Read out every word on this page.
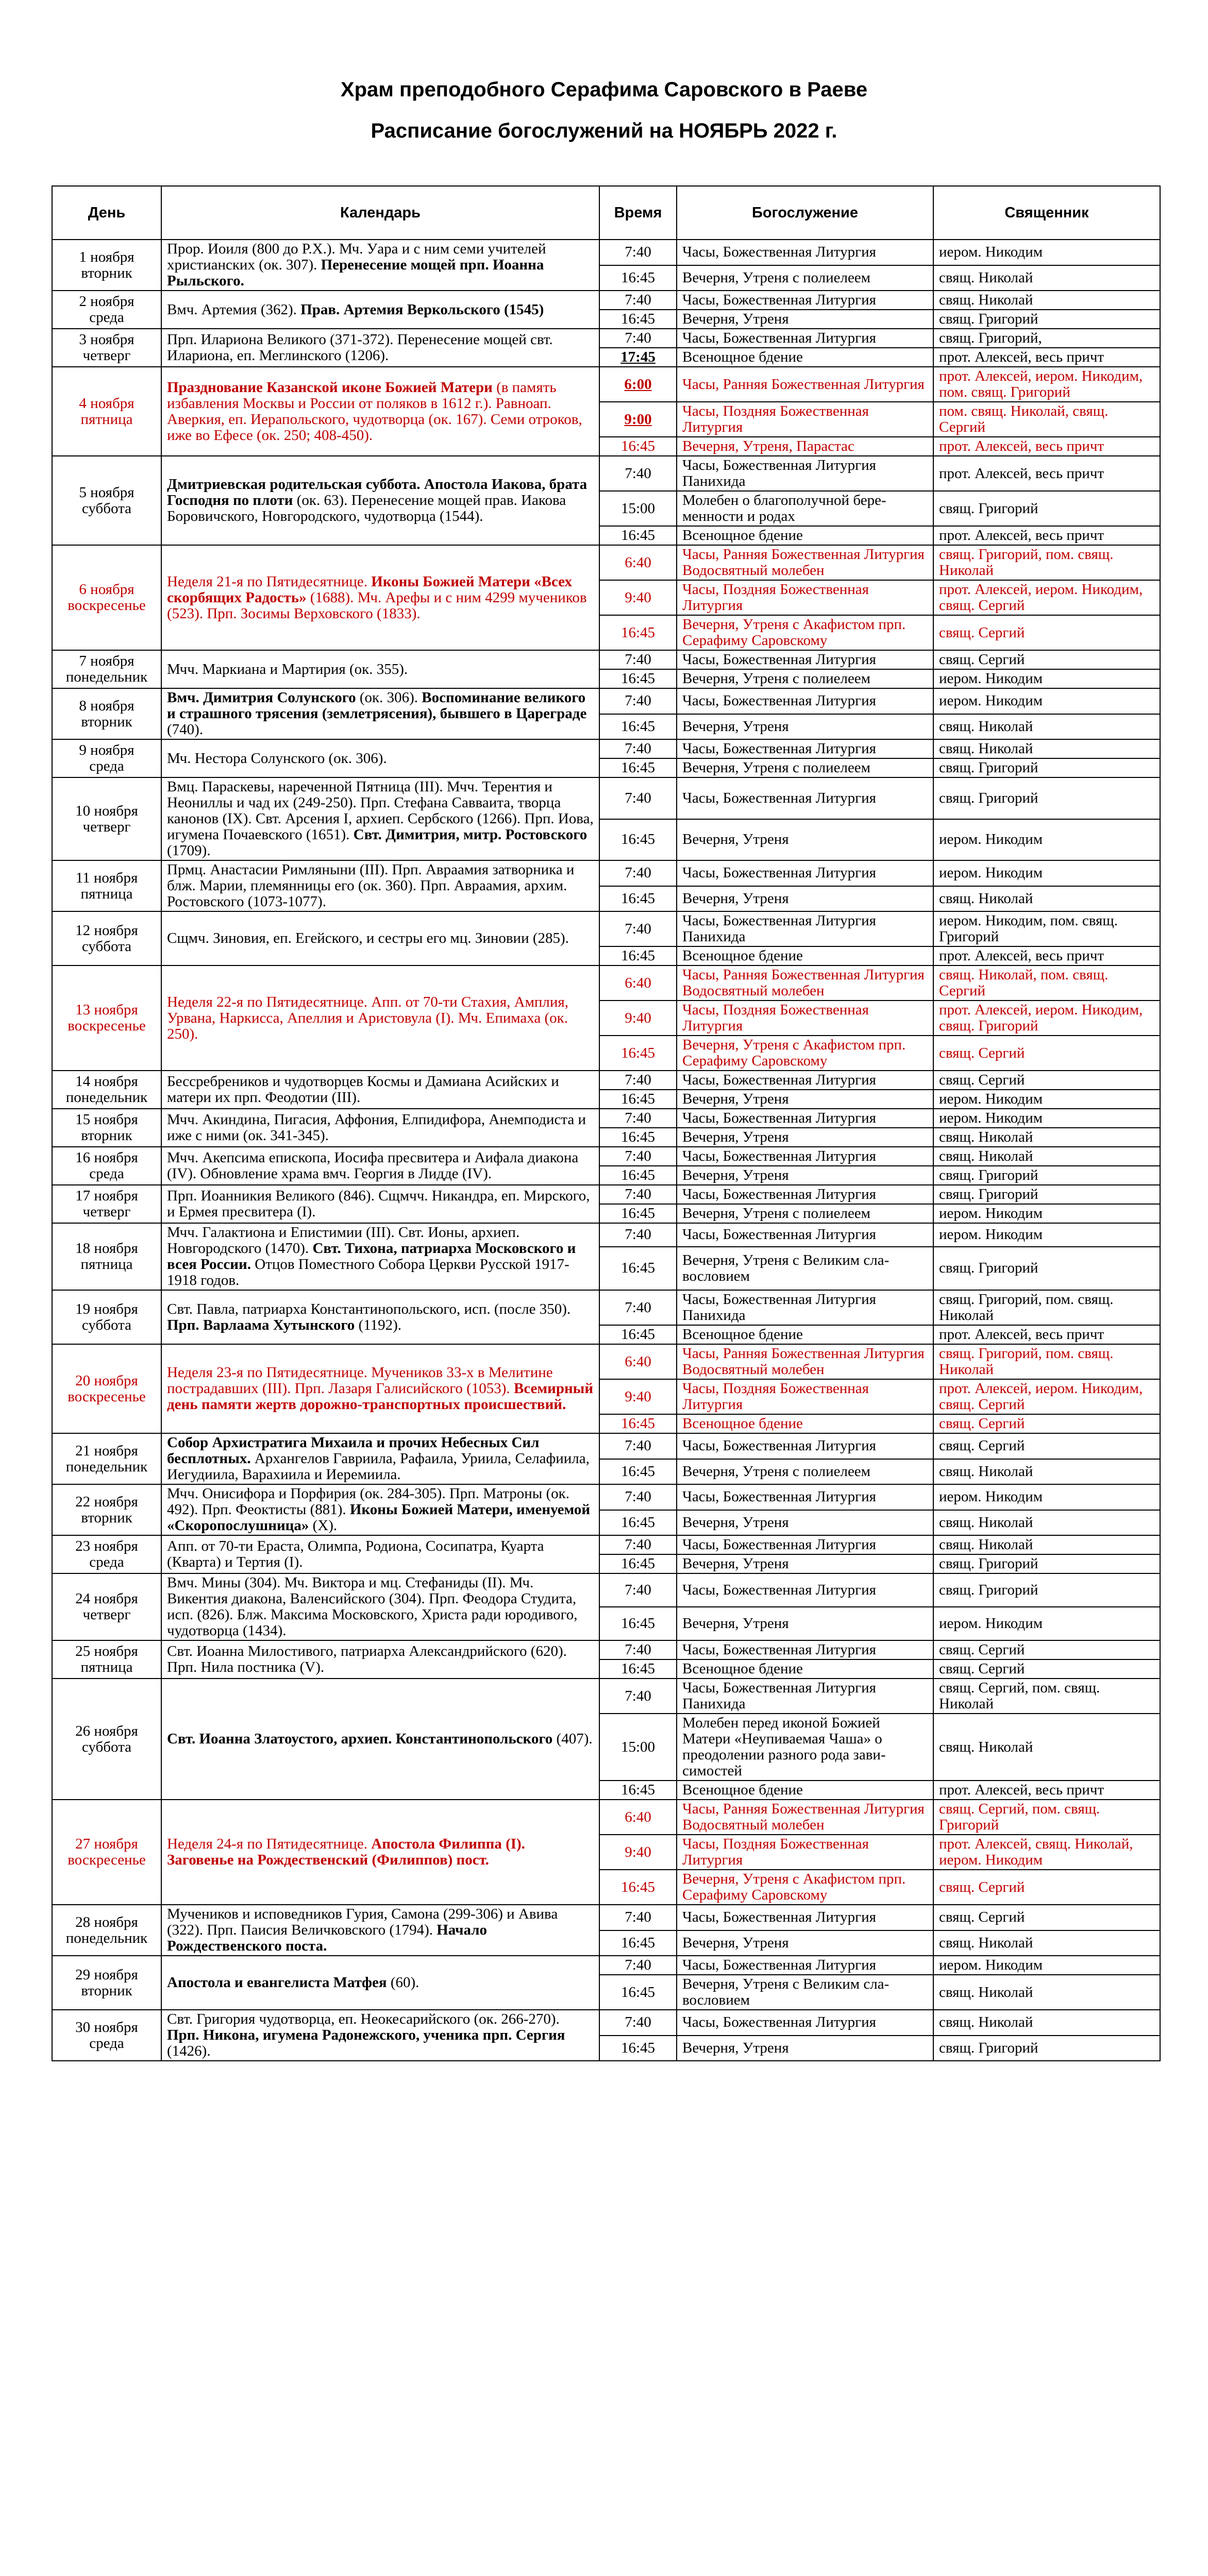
Храм преподобного Серафима Саровского в Раеве
Расписание богослужений на НОЯБРЬ 2022 г.
День	Календарь	Время	Богослужение	Священник

1 ноября
вторник	Прор. Иоиля (800 до Р.Х.). Мч. Уара и с ним семи учителей христианских (ок. 307). Перенесение мощей прп. Иоанна Рыльского.	7:40	Часы, Божественная Литургия	иером. Никодим
		16:45	Вечерня, Утреня с полиелеем	свящ. Николай

2 ноября
среда	Вмч. Артемия (362). Прав. Артемия Веркольского (1545)	7:40	Часы, Божественная Литургия	свящ. Николай
		16:45	Вечерня, Утреня	свящ. Григорий

3 ноября
четверг	Прп. Илариона Великого (371-372). Перенесение мощей свт. Илариона, еп. Меглинского (1206).	7:40	Часы, Божественная Литургия	свящ. Григорий,
		17:45	Всенощное бдение	прот. Алексей, весь причт

4 ноября
пятница	Празднование Казанской иконе Божией Матери (в память избавления Москвы и России от поляков в 1612 г.). Равноап. Аверкия, еп. Иерапольского, чудотворца (ок. 167). Семи отроков, иже во Ефесе (ок. 250; 408-450).	6:00	Часы, Ранняя Божественная Литургия	прот. Алексей, иером. Никодим, пом. свящ. Григорий
		9:00	Часы, Поздняя Божественная Литургия	пом. свящ. Николай, свящ. Сергий
		16:45	Вечерня, Утреня, Парастас	прот. Алексей, весь причт

5 ноября
суббота	Дмитриевская родительская суббота. Апостола Иакова, брата Господня по плоти (ок. 63). Перенесение мощей прав. Иакова Боровичского, Новгородского, чудотворца (1544).	7:40	Часы, Божественная Литургия Панихида	прот. Алексей, весь причт
		15:00	Молебен о благополучной беременности и родах	свящ. Григорий
		16:45	Всенощное бдение	прот. Алексей, весь причт

6 ноября
воскресенье	Неделя 21-я по Пятидесятнице. Иконы Божией Матери «Всех скорбящих Радость» (1688). Мч. Арефы и с ним 4299 мучеников (523). Прп. Зосимы Верховского (1833).	6:40	Часы, Ранняя Божественная Литургия Водосвятный молебен	свящ. Григорий, пом. свящ. Николай
		9:40	Часы, Поздняя Божественная Литургия	прот. Алексей, иером. Никодим, свящ. Сергий
		16:45	Вечерня, Утреня с Акафистом прп. Серафиму Саровскому	свящ. Сергий

7 ноября
понедельник	Мчч. Маркиана и Мартирия (ок. 355).	7:40	Часы, Божественная Литургия	свящ. Сергий
		16:45	Вечерня, Утреня с полиелеем	иером. Никодим

8 ноября
вторник	Вмч. Димитрия Солунского (ок. 306). Воспоминание великого и страшного трясения (землетрясения), бывшего в Цареграде (740).	7:40	Часы, Божественная Литургия	иером. Никодим
		16:45	Вечерня, Утреня	свящ. Николай

9 ноября
среда	Мч. Нестора Солунского (ок. 306).	7:40	Часы, Божественная Литургия	свящ. Николай
		16:45	Вечерня, Утреня с полиелеем	свящ. Григорий

10 ноября
четверг	Вмц. Параскевы, нареченной Пятница (III). Мчч. Терентия и Неониллы и чад их (249-250). Прп. Стефана Савваита, творца канонов (IX). Свт. Арсения I, архиеп. Сербского (1266). Прп. Иова, игумена Почаевского (1651). Свт. Димитрия, митр. Ростовского (1709).	7:40	Часы, Божественная Литургия	свящ. Григорий
		16:45	Вечерня, Утреня	иером. Никодим

11 ноября
пятница	Прмц. Анастасии Римляныни (III). Прп. Авраамия затворника и блж. Марии, племянницы его (ок. 360). Прп. Авраамия, архим. Ростовского (1073-1077).	7:40	Часы, Божественная Литургия	иером. Никодим
		16:45	Вечерня, Утреня	свящ. Николай

12 ноября
суббота	Сщмч. Зиновия, еп. Егейского, и сестры его мц. Зиновии (285).	7:40	Часы, Божественная Литургия Панихида	иером. Никодим, пом. свящ. Григорий
		16:45	Всенощное бдение	прот. Алексей, весь причт

13 ноября
воскресенье	Неделя 22-я по Пятидесятнице. Апп. от 70-ти Стахия, Амплия, Урвана, Наркисса, Апеллия и Аристовула (I). Мч. Епимаха (ок. 250).	6:40	Часы, Ранняя Божественная Литургия Водосвятный молебен	свящ. Николай, пом. свящ. Сергий
		9:40	Часы, Поздняя Божественная Литургия	прот. Алексей, иером. Никодим, свящ. Григорий
		16:45	Вечерня, Утреня с Акафистом прп. Серафиму Саровскому	свящ. Сергий

14 ноября
понедельник	Бессребреников и чудотворцев Космы и Дамиана Асийских и матери их прп. Феодотии (III).	7:40	Часы, Божественная Литургия	свящ. Сергий
		16:45	Вечерня, Утреня	иером. Никодим

15 ноября
вторник	Мчч. Акиндина, Пигасия, Аффония, Елпидифора, Анемподиста и иже с ними (ок. 341-345).	7:40	Часы, Божественная Литургия	иером. Никодим
		16:45	Вечерня, Утреня	свящ. Николай

16 ноября
среда	Мчч. Акепсима епископа, Иосифа пресвитера и Аифала диакона (IV). Обновление храма вмч. Георгия в Лидде (IV).	7:40	Часы, Божественная Литургия	свящ. Николай
		16:45	Вечерня, Утреня	свящ. Григорий

17 ноября
четверг	Прп. Иоанникия Великого (846). Сщмчч. Никандра, еп. Мирского, и Ермея пресвитера (I).	7:40	Часы, Божественная Литургия	свящ. Григорий
		16:45	Вечерня, Утреня с полиелеем	иером. Никодим

18 ноября
пятница	Мчч. Галактиона и Епистимии (III). Свт. Ионы, архиеп. Новгородского (1470). Свт. Тихона, патриарха Московского и всея России. Отцов Поместного Собора Церкви Русской 1917-1918 годов.	7:40	Часы, Божественная Литургия	иером. Никодим
		16:45	Вечерня, Утреня с Великим славословием	свящ. Григорий

19 ноября
суббота	Свт. Павла, патриарха Константинопольского, исп. (после 350). Прп. Варлаама Хутынского (1192).	7:40	Часы, Божественная Литургия Панихида	свящ. Григорий, пом. свящ. Николай
		16:45	Всенощное бдение	прот. Алексей, весь причт

20 ноября
воскресенье	Неделя 23-я по Пятидесятнице. Мучеников 33-х в Мелитине пострадавших (III). Прп. Лазаря Галисийского (1053). Всемирный день памяти жертв дорожно-транспортных происшествий.	6:40	Часы, Ранняя Божественная Литургия Водосвятный молебен	свящ. Григорий, пом. свящ. Николай
		9:40	Часы, Поздняя Божественная Литургия	прот. Алексей, иером. Никодим, свящ. Сергий
		16:45	Всенощное бдение	свящ. Сергий

21 ноября
понедельник	Собор Архистратига Михаила и прочих Небесных Сил бесплотных. Архангелов Гавриила, Рафаила, Уриила, Селафиила, Иегудиила, Варахиила и Иеремиила.	7:40	Часы, Божественная Литургия	свящ. Сергий
		16:45	Вечерня, Утреня с полиелеем	свящ. Николай

22 ноября
вторник	Мчч. Онисифора и Порфирия (ок. 284-305). Прп. Матроны (ок. 492). Прп. Феоктисты (881). Иконы Божией Матери, именуемой «Скоропослушница» (X).	7:40	Часы, Божественная Литургия	иером. Никодим
		16:45	Вечерня, Утреня	свящ. Николай

23 ноября
среда	Апп. от 70-ти Ераста, Олимпа, Родиона, Сосипатра, Куарта (Кварта) и Тертия (I).	7:40	Часы, Божественная Литургия	свящ. Николай
		16:45	Вечерня, Утреня	свящ. Григорий

24 ноября
четверг	Вмч. Мины (304). Мч. Виктора и мц. Стефаниды (II). Мч. Викентия диакона, Валенсийского (304). Прп. Феодора Студита, исп. (826). Блж. Максима Московского, Христа ради юродивого, чудотворца (1434).	7:40	Часы, Божественная Литургия	свящ. Григорий
		16:45	Вечерня, Утреня	иером. Никодим

25 ноября
пятница	Свт. Иоанна Милостивого, патриарха Александрийского (620). Прп. Нила постника (V).	7:40	Часы, Божественная Литургия	свящ. Сергий
		16:45	Всенощное бдение	свящ. Сергий

26 ноября
суббота	Свт. Иоанна Златоустого, архиеп. Константинопольского (407).	7:40	Часы, Божественная Литургия Панихида	свящ. Сергий, пом. свящ. Николай
		15:00	Молебен перед иконой Божией Матери «Неупиваемая Чаша» о преодолении разного рода зависимостей	свящ. Николай
		16:45	Всенощное бдение	прот. Алексей, весь причт

27 ноября
воскресенье	Неделя 24-я по Пятидесятнице. Апостола Филиппа (I). Заговенье на Рождественский (Филиппов) пост.	6:40	Часы, Ранняя Божественная Литургия Водосвятный молебен	свящ. Сергий, пом. свящ. Григорий
		9:40	Часы, Поздняя Божественная Литургия	прот. Алексей, свящ. Николай, иером. Никодим
		16:45	Вечерня, Утреня с Акафистом прп. Серафиму Саровскому	свящ. Сергий

28 ноября
понедельник	Мучеников и исповедников Гурия, Самона (299-306) и Авива (322). Прп. Паисия Величковского (1794). Начало Рождественского поста.	7:40	Часы, Божественная Литургия	свящ. Сергий
		16:45	Вечерня, Утреня	свящ. Николай

29 ноября
вторник	Апостола и евангелиста Матфея (60).	7:40	Часы, Божественная Литургия	иером. Никодим
		16:45	Вечерня, Утреня с Великим славословием	свящ. Николай

30 ноября
среда	Свт. Григория чудотворца, еп. Неокесарийского (ок. 266-270). Прп. Никона, игумена Радонежского, ученика прп. Сергия (1426).	7:40	Часы, Божественная Литургия	свящ. Николай
		16:45	Вечерня, Утреня	свящ. Григорий
